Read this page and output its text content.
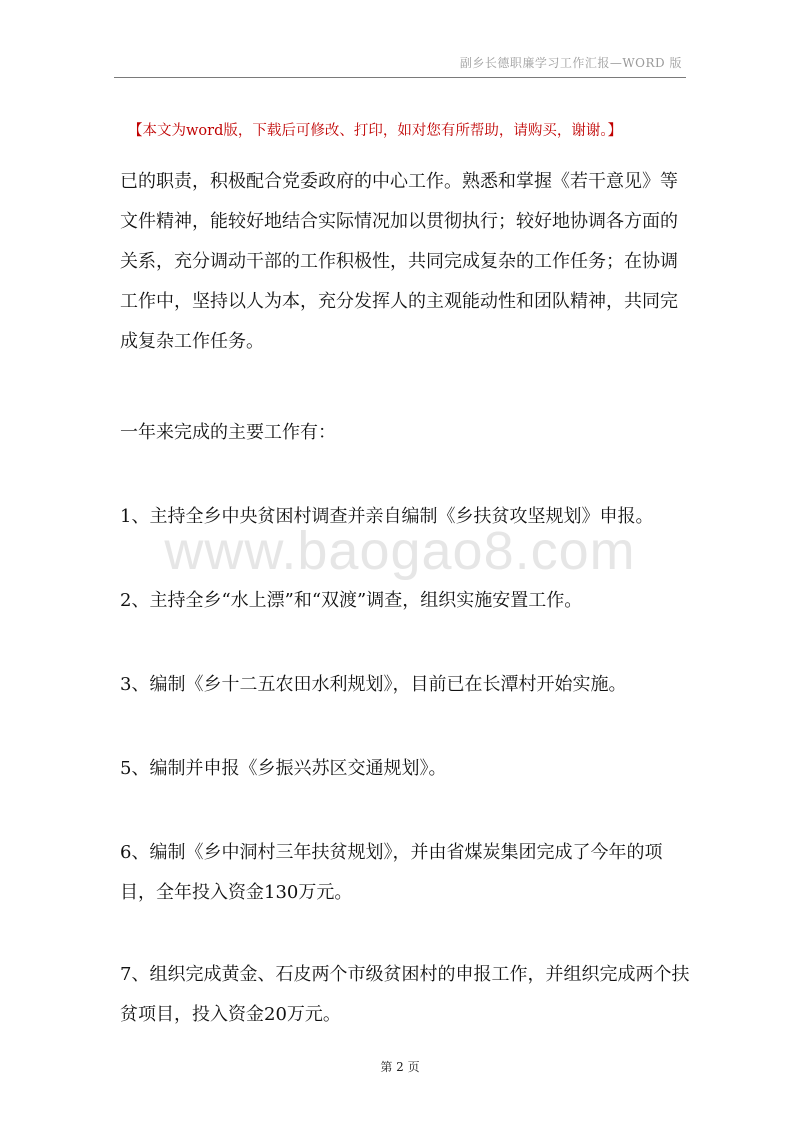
副乡长德职廉学习工作汇报—WORD 版
【本文为word版，下载后可修改、打印，如对您有所帮助，请购买，谢谢。】
www.baogao8.com
已的职责，积极配合党委政府的中心工作。熟悉和掌握《若干意见》等文件精神，能较好地结合实际情况加以贯彻执行；较好地协调各方面的关系，充分调动干部的工作积极性，共同完成复杂的工作任务；在协调工作中，坚持以人为本，充分发挥人的主观能动性和团队精神，共同完成复杂工作任务。
一年来完成的主要工作有：
1、主持全乡中央贫困村调查并亲自编制《乡扶贫攻坚规划》申报。
2、主持全乡“水上漂”和“双渡”调查，组织实施安置工作。
3、编制《乡十二五农田水利规划》，目前已在长潭村开始实施。
5、编制并申报《乡振兴苏区交通规划》。
6、编制《乡中洞村三年扶贫规划》，并由省煤炭集团完成了今年的项目，全年投入资金130万元。
7、组织完成黄金、石皮两个市级贫困村的申报工作，并组织完成两个扶贫项目，投入资金20万元。
第 2 页
